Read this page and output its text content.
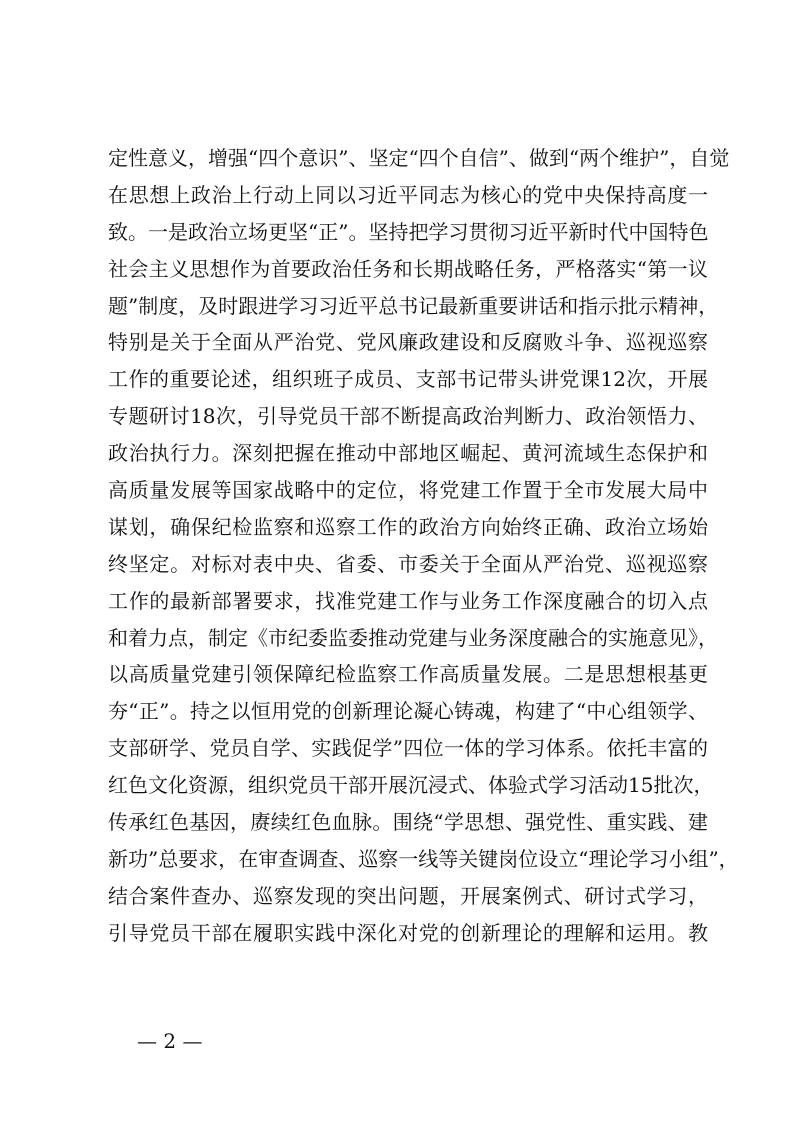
定性意义，增强“四个意识”、坚定“四个自信”、做到“两个维护”，自觉
在思想上政治上行动上同以习近平同志为核心的党中央保持高度一
致。一是政治立场更坚“正”。坚持把学习贯彻习近平新时代中国特色
社会主义思想作为首要政治任务和长期战略任务，严格落实“第一议
题”制度，及时跟进学习习近平总书记最新重要讲话和指示批示精神，
特别是关于全面从严治党、党风廉政建设和反腐败斗争、巡视巡察
工作的重要论述，组织班子成员、支部书记带头讲党课12次，开展
专题研讨18次，引导党员干部不断提高政治判断力、政治领悟力、
政治执行力。深刻把握在推动中部地区崛起、黄河流域生态保护和
高质量发展等国家战略中的定位，将党建工作置于全市发展大局中
谋划，确保纪检监察和巡察工作的政治方向始终正确、政治立场始
终坚定。对标对表中央、省委、市委关于全面从严治党、巡视巡察
工作的最新部署要求，找准党建工作与业务工作深度融合的切入点
和着力点，制定《市纪委监委推动党建与业务深度融合的实施意见》，
以高质量党建引领保障纪检监察工作高质量发展。二是思想根基更
夯“正”。持之以恒用党的创新理论凝心铸魂，构建了“中心组领学、
支部研学、党员自学、实践促学”四位一体的学习体系。依托丰富的
红色文化资源，组织党员干部开展沉浸式、体验式学习活动15批次，
传承红色基因，赓续红色血脉。围绕“学思想、强党性、重实践、建
新功”总要求，在审查调查、巡察一线等关键岗位设立“理论学习小组”，
结合案件查办、巡察发现的突出问题，开展案例式、研讨式学习，
引导党员干部在履职实践中深化对党的创新理论的理解和运用。教
— 2 —
